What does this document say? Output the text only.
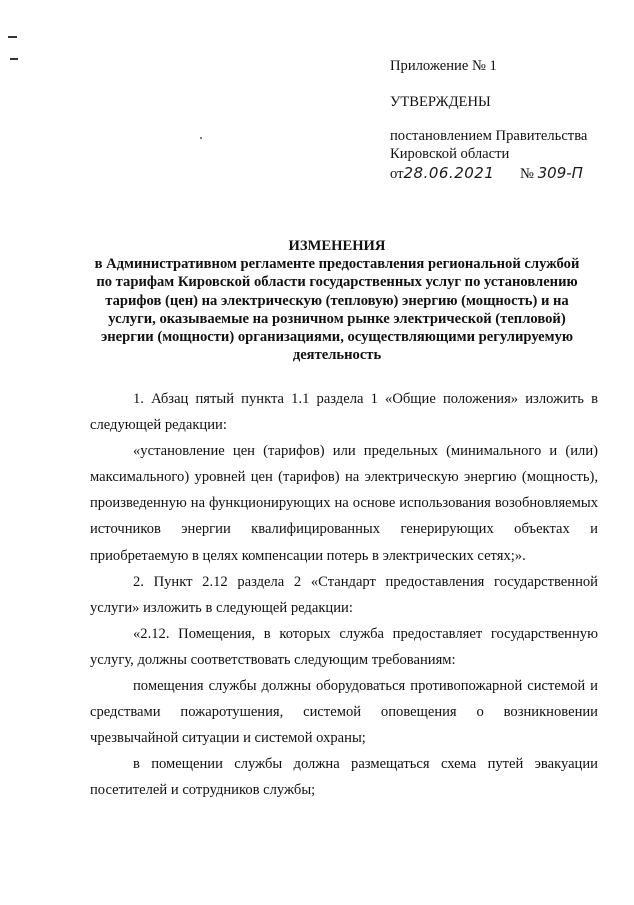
Приложение № 1
УТВЕРЖДЕНЫ
постановлением Правительства
Кировской области
от28.06.2021 № 309-П
ИЗМЕНЕНИЯ
в Административном регламенте предоставления региональной службой
по тарифам Кировской области государственных услуг по установлению
тарифов (цен) на электрическую (тепловую) энергию (мощность) и на
услуги, оказываемые на розничном рынке электрической (тепловой)
энергии (мощности) организациями, осуществляющими регулируемую
деятельность

1. Абзац пятый пункта 1.1 раздела 1 «Общие положения» изложить в следующей редакции:

«установление цен (тарифов) или предельных (минимального и (или) максимального) уровней цен (тарифов) на электрическую энергию (мощность), произведенную на функционирующих на основе использования возобновляемых источников энергии квалифицированных генерирующих объектах и приобретаемую в целях компенсации потерь в электрических сетях;».

2. Пункт 2.12 раздела 2 «Стандарт предоставления государственной услуги» изложить в следующей редакции:

«2.12. Помещения, в которых служба предоставляет государственную услугу, должны соответствовать следующим требованиям:

помещения службы должны оборудоваться противопожарной системой и средствами пожаротушения, системой оповещения о возникновении чрезвычайной ситуации и системой охраны;

в помещении службы должна размещаться схема путей эвакуации посетителей и сотрудников службы;
